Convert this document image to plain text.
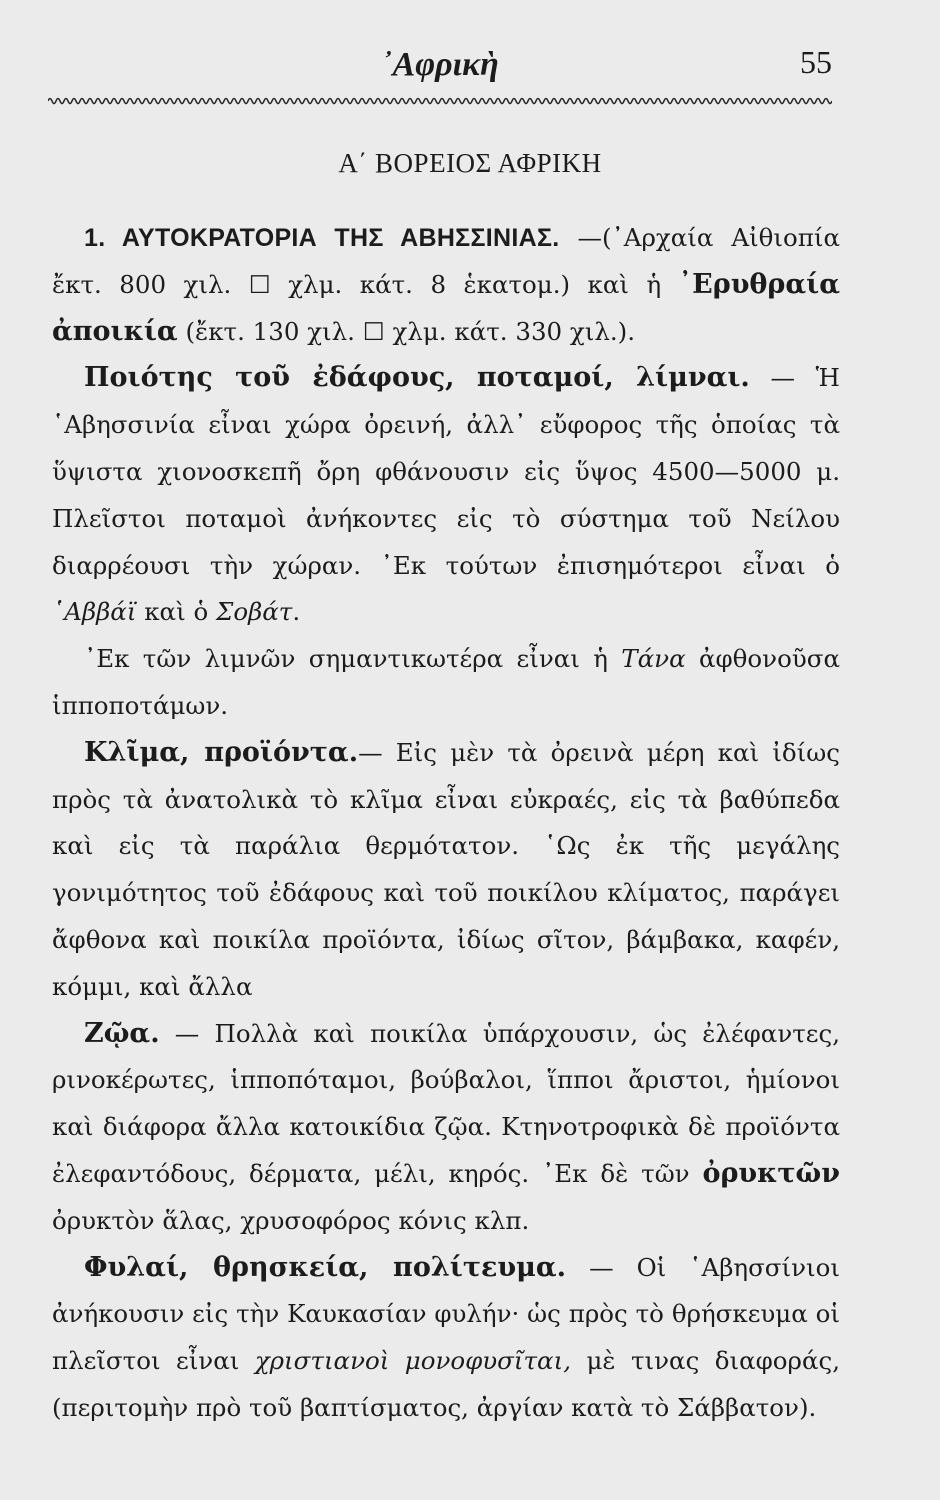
᾿Αφρικὴ	55
Α΄ ΒΟΡΕΙΟΣ ΑΦΡΙΚΗ

1. ΑΥΤΟΚΡΑΤΟΡΙΑ ΤΗΣ ΑΒΗΣΣΙΝΙΑΣ. —(᾿Αρχαία Αἰθιοπία ἔκτ. 800 χιλ. ☐ χλμ. κάτ. 8 ἑκατομ.) καὶ ἡ ᾿Ερυθραία ἀποικία (ἔκτ. 130 χιλ. ☐ χλμ. κάτ. 330 χιλ.).

Ποιότης τοῦ ἐδάφους, ποταμοί, λίμναι. — Ἡ ῾Αβησσινία εἶναι χώρα ὀρεινή, ἀλλ᾿ εὔφορος τῆς ὁποίας τὰ ὕψιστα χιονοσκεπῆ ὄρη φθάνουσιν εἰς ὕψος 4500—5000 μ. Πλεῖστοι ποταμοὶ ἀνήκοντες εἰς τὸ σύστημα τοῦ Νείλου διαρρέουσι τὴν χώραν. ᾿Εκ τούτων ἐπισημότεροι εἶναι ὁ ῾Αββάϊ καὶ ὁ Σοβάτ.

᾿Εκ τῶν λιμνῶν σημαντικωτέρα εἶναι ἡ Τάνα ἀφθονοῦσα ἱπποποτάμων.

Κλῖμα, προϊόντα.— Εἰς μὲν τὰ ὀρεινὰ μέρη καὶ ἰδίως πρὸς τὰ ἀνατολικὰ τὸ κλῖμα εἶναι εὐκραές, εἰς τὰ βαθύπεδα καὶ εἰς τὰ παράλια θερμότατον. ῾Ως ἐκ τῆς μεγάλης γονιμότητος τοῦ ἐδάφους καὶ τοῦ ποικίλου κλίματος, παράγει ἄφθονα καὶ ποικίλα προϊόντα, ἰδίως σῖτον, βάμβακα, καφέν, κόμμι, καὶ ἄλλα

Ζῷα. — Πολλὰ καὶ ποικίλα ὑπάρχουσιν, ὡς ἐλέφαντες, ρινοκέρωτες, ἱπποπόταμοι, βούβαλοι, ἵπποι ἄριστοι, ἡμίονοι καὶ διάφορα ἄλλα κατοικίδια ζῷα. Κτηνοτροφικὰ δὲ προϊόντα ἐλεφαντόδους, δέρματα, μέλι, κηρός. ᾿Εκ δὲ τῶν ὀρυκτῶν ὀρυκτὸν ἅλας, χρυσοφόρος κόνις κλπ.

Φυλαί, θρησκεία, πολίτευμα. — Οἱ ῾Αβησσίνιοι ἀνήκουσιν εἰς τὴν Καυκασίαν φυλήν· ὡς πρὸς τὸ θρήσκευμα οἱ πλεῖστοι εἶναι χριστιανοὶ μονοφυσῖται, μὲ τινας διαφοράς, (περιτομὴν πρὸ τοῦ βαπτίσματος, ἀργίαν κατὰ τὸ Σάββατον).
